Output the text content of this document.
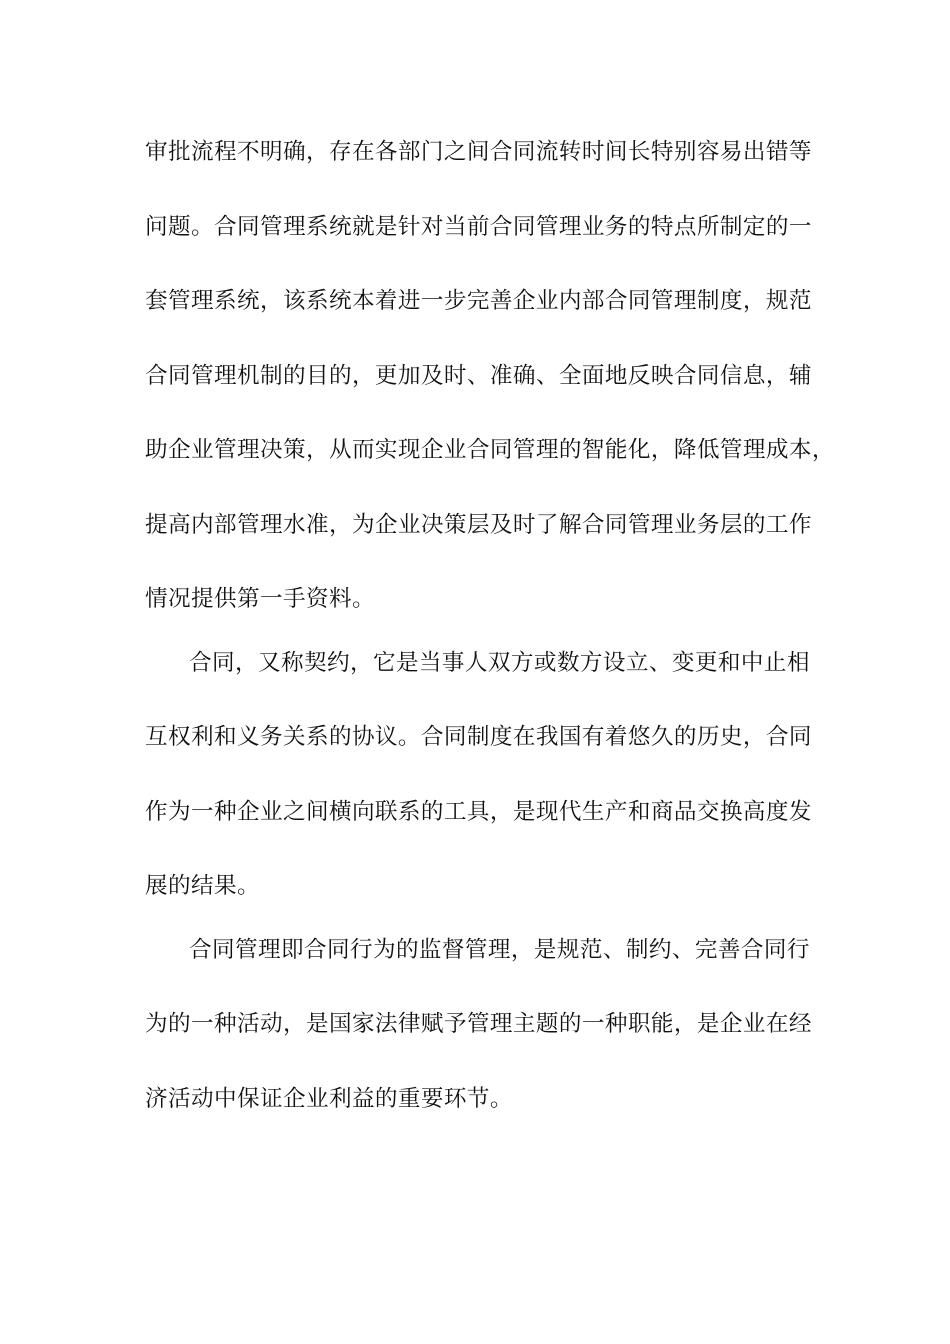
审批流程不明确，存在各部门之间合同流转时间长特别容易出错等
问题。合同管理系统就是针对当前合同管理业务的特点所制定的一
套管理系统，该系统本着进一步完善企业内部合同管理制度，规范
合同管理机制的目的，更加及时、准确、全面地反映合同信息，辅
助企业管理决策，从而实现企业合同管理的智能化，降低管理成本，
提高内部管理水准，为企业决策层及时了解合同管理业务层的工作
情况提供第一手资料。
合同，又称契约，它是当事人双方或数方设立、变更和中止相
互权利和义务关系的协议。合同制度在我国有着悠久的历史，合同
作为一种企业之间横向联系的工具，是现代生产和商品交换高度发
展的结果。
合同管理即合同行为的监督管理，是规范、制约、完善合同行
为的一种活动，是国家法律赋予管理主题的一种职能，是企业在经
济活动中保证企业利益的重要环节。
